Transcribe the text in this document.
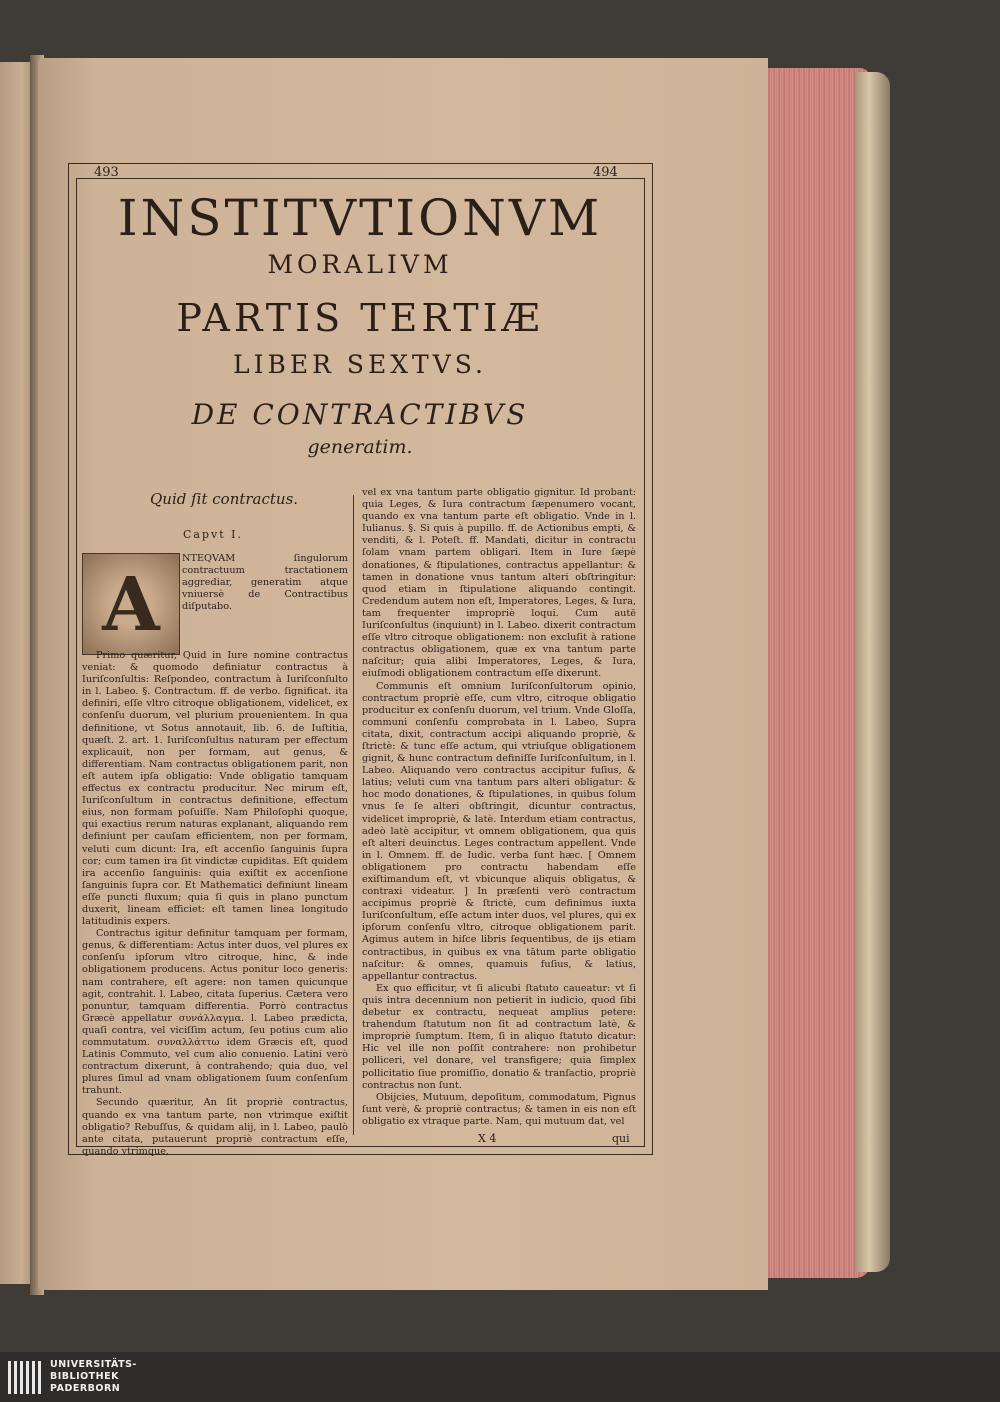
493	494
INSTITVTIONVM
MORALIVM
PARTIS TERTIÆ
LIBER SEXTVS.
DE CONTRACTIBVS
generatim.
Quid ſit contractus.
Capvt I.
A

NTEQVAM ſingulorum contractuum tractationem aggrediar, generatim atque vniuersè de Contractibus diſputabo.

Primo quæritur, Quid in Iure nomine contractus veniat: & quomodo definiatur contractus à Iuriſconſultis: Reſpondeo, contractum à Iuriſconſulto in l. Labeo. §. Contractum. ff. de verbo. ſignificat. ita definiri, eſſe vltro citroque obligationem, videlicet, ex conſenſu duorum, vel plurium prouenientem. In qua definitione, vt Sotus annotauit, lib. 6. de Iuſtitia, quæſt. 2. art. 1. Iuriſconſultus naturam per effectum explicauit, non per formam, aut genus, & differentiam. Nam contractus obligationem parit, non eſt autem ipſa obligatio: Vnde obligatio tamquam effectus ex contractu producitur. Nec mirum eſt, Iuriſconſultum in contractus definitione, effectum eius, non formam poſuiſſe. Nam Philoſophi quoque, qui exactius rerum naturas explanant, aliquando rem definiunt per cauſam efficientem, non per formam, veluti cum dicunt: Ira, eſt accenſio ſanguinis ſupra cor; cum tamen ira ſit vindictæ cupiditas. Eſt quidem ira accenſio ſanguinis: quia exiſtit ex accenſione ſanguinis ſupra cor. Et Mathematici definiunt lineam eſſe puncti fluxum; quia ſi quis in plano punctum duxerit, lineam efficiet: eſt tamen linea longitudo latitudinis expers.

Contractus igitur definitur tamquam per formam, genus, & differentiam: Actus inter duos, vel plures ex conſenſu ipſorum vltro citroque, hinc, & inde obligationem producens. Actus ponitur loco generis: nam contrahere, eſt agere: non tamen quicunque agit, contrahit. l. Labeo, citata ſuperius. Cætera vero ponuntur, tamquam differentia. Porrò contractus Græcè appellatur συνάλλαγμα. l. Labeo prædicta, quaſi contra, vel viciſſim actum, ſeu potius cum alio commutatum. συναλλάττω idem Græcis eſt, quod Latinis Commuto, vel cum alio conuenio. Latini verò contractum dixerunt, à contrahendo; quia duo, vel plures ſimul ad vnam obligationem ſuum conſenſum trahunt.

Secundo quæritur, An ſit propriè contractus, quando ex vna tantum parte, non vtrimque exiſtit obligatio? Rebuſſus, & quidam alij, in l. Labeo, paulò ante citata, putauerunt propriè contractum eſſe, quando vtrimque,

vel ex vna tantum parte obligatio gignitur. Id probant: quia Leges, & Iura contractum ſæpenumero vocant, quando ex vna tantum parte eſt obligatio. Vnde in l. Iulianus. §. Si quis à pupillo. ff. de Actionibus empti, & venditi, & l. Poteſt. ff. Mandati, dicitur in contractu ſolam vnam partem obligari. Item in Iure ſæpè donationes, & ſtipulationes, contractus appellantur: & tamen in donatione vnus tantum alteri obſtringitur: quod etiam in ſtipulatione aliquando contingit. Credendum autem non eſt, Imperatores, Leges, & Iura, tam frequenter impropriè loqui. Cum autē Iuriſconſultus (inquiunt) in l. Labeo. dixerit contractum eſſe vltro citroque obligationem: non excluſit à ratione contractus obligationem, quæ ex vna tantum parte naſcitur; quia alibi Imperatores, Leges, & Iura, eiuſmodi obligationem contractum eſſe dixerunt.

Communis eſt omnium Iuriſconſultorum opinio, contractum propriè eſſe, cum vltro, citroque obligatio producitur ex conſenſu duorum, vel trium. Vnde Gloſſa, communi conſenſu comprobata in l. Labeo, Supra citata, dixit, contractum accipi aliquando propriè, & ſtrictè: & tunc eſſe actum, qui vtriuſque obligationem gignit, & hunc contractum definiſſe Iuriſconſultum, in l. Labeo. Aliquando vero contractus accipitur fuſius, & latius; veluti cum vna tantum pars alteri obligatur: & hoc modo donationes, & ſtipulationes, in quibus ſolum vnus ſe ſe alteri obſtringit, dicuntur contractus, videlicet impropriè, & latè. Interdum etiam contractus, adeò latè accipitur, vt omnem obligationem, qua quis eſt alteri deuinctus. Leges contractum appellent. Vnde in l. Omnem. ff. de Iudic. verba ſunt hæc. [ Omnem obligationem pro contractu habendam eſſe exiſtimandum eſt, vt vbicunque aliquis obligatus, & contraxi videatur. ] In præſenti verò contractum accipimus propriè & ſtrictè, cum definimus iuxta Iuriſconſultum, eſſe actum inter duos, vel plures, qui ex ipſorum conſenſu vltro, citroque obligationem parit. Agimus autem in hiſce libris ſequentibus, de ijs etiam contractibus, in quibus ex vna tātum parte obligatio naſcitur: & omnes, quamuis fuſius, & latius, appellantur contractus.

Ex quo efficitur, vt ſi alicubi ſtatuto caueatur: vt ſi quis intra decennium non petierit in iudicio, quod ſibi debetur ex contractu, nequeat amplius petere: trahendum ſtatutum non ſit ad contractum latè, & impropriè ſumptum. Item, ſi in aliquo ſtatuto dicatur: Hic vel ille non poſſit contrahere: non prohibetur polliceri, vel donare, vel transfigere; quia ſimplex pollicitatio ſiue promiſſio, donatio & tranſactio, propriè contractus non ſunt.

Obijcies, Mutuum, depoſitum, commodatum, Pignus ſunt verè, & propriè contractus; & tamen in eis non eſt obligatio ex vtraque parte. Nam, qui mutuum dat, vel

X 4	qui
UNIVERSITÄTS-
BIBLIOTHEK
PADERBORN
